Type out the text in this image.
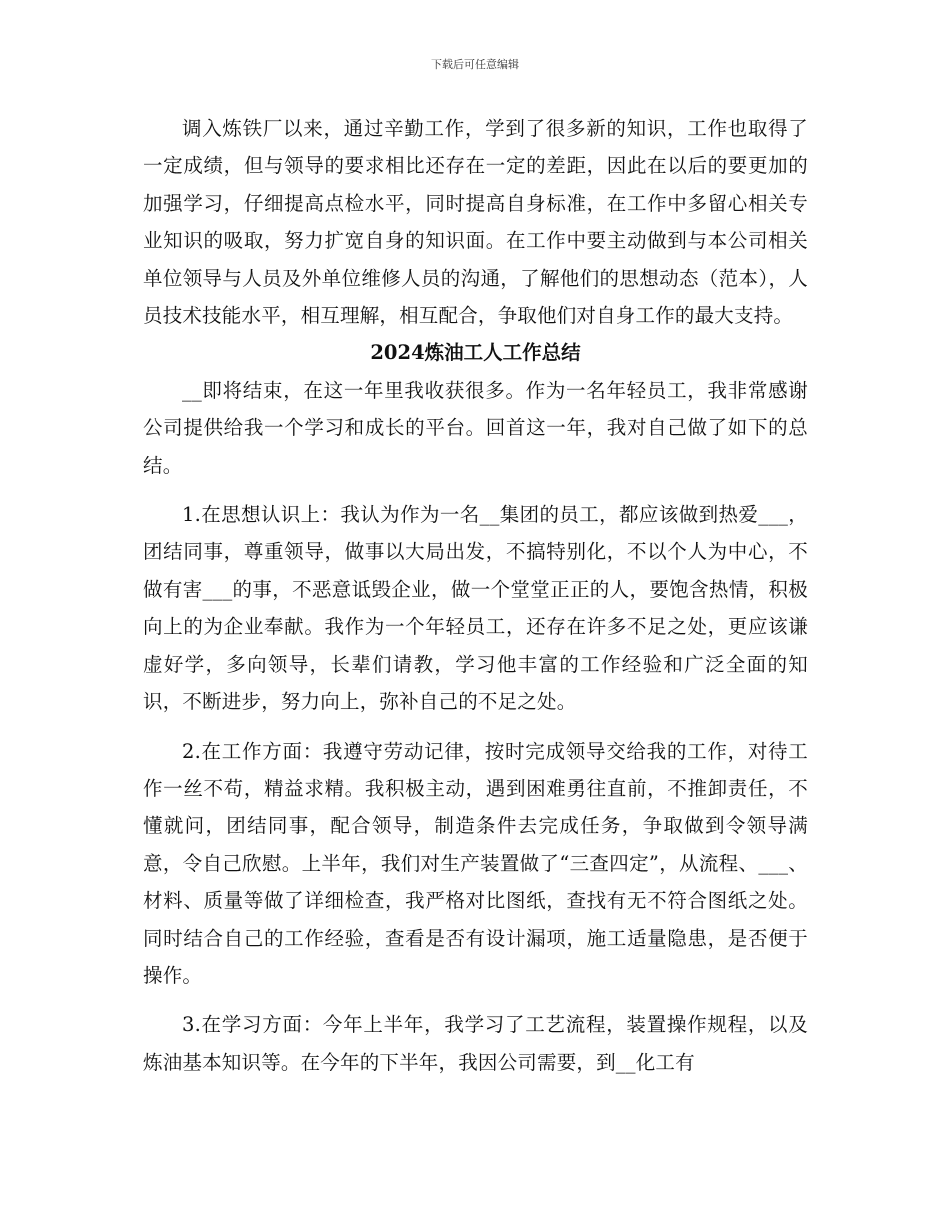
下载后可任意编辑

调入炼铁厂以来，通过辛勤工作，学到了很多新的知识，工作也取得了一定成绩，但与领导的要求相比还存在一定的差距，因此在以后的要更加的加强学习，仔细提高点检水平，同时提高自身标准，在工作中多留心相关专业知识的吸取，努力扩宽自身的知识面。在工作中要主动做到与本公司相关单位领导与人员及外单位维修人员的沟通，了解他们的思想动态（范本），人员技术技能水平，相互理解，相互配合，争取他们对自身工作的最大支持。

2024炼油工人工作总结

__即将结束，在这一年里我收获很多。作为一名年轻员工，我非常感谢公司提供给我一个学习和成长的平台。回首这一年，我对自己做了如下的总结。

1.在思想认识上：我认为作为一名__集团的员工，都应该做到热爱___，团结同事，尊重领导，做事以大局出发，不搞特别化，不以个人为中心，不做有害___的事，不恶意诋毁企业，做一个堂堂正正的人，要饱含热情，积极向上的为企业奉献。我作为一个年轻员工，还存在许多不足之处，更应该谦虚好学，多向领导，长辈们请教，学习他丰富的工作经验和广泛全面的知识，不断进步，努力向上，弥补自己的不足之处。

2.在工作方面：我遵守劳动记律，按时完成领导交给我的工作，对待工作一丝不苟，精益求精。我积极主动，遇到困难勇往直前，不推卸责任，不懂就问，团结同事，配合领导，制造条件去完成任务，争取做到令领导满意，令自己欣慰。上半年，我们对生产装置做了“三查四定”，从流程、___、材料、质量等做了详细检查，我严格对比图纸，查找有无不符合图纸之处。同时结合自己的工作经验，查看是否有设计漏项，施工适量隐患，是否便于操作。

3.在学习方面：今年上半年，我学习了工艺流程，装置操作规程，以及炼油基本知识等。在今年的下半年，我因公司需要，到__化工有
